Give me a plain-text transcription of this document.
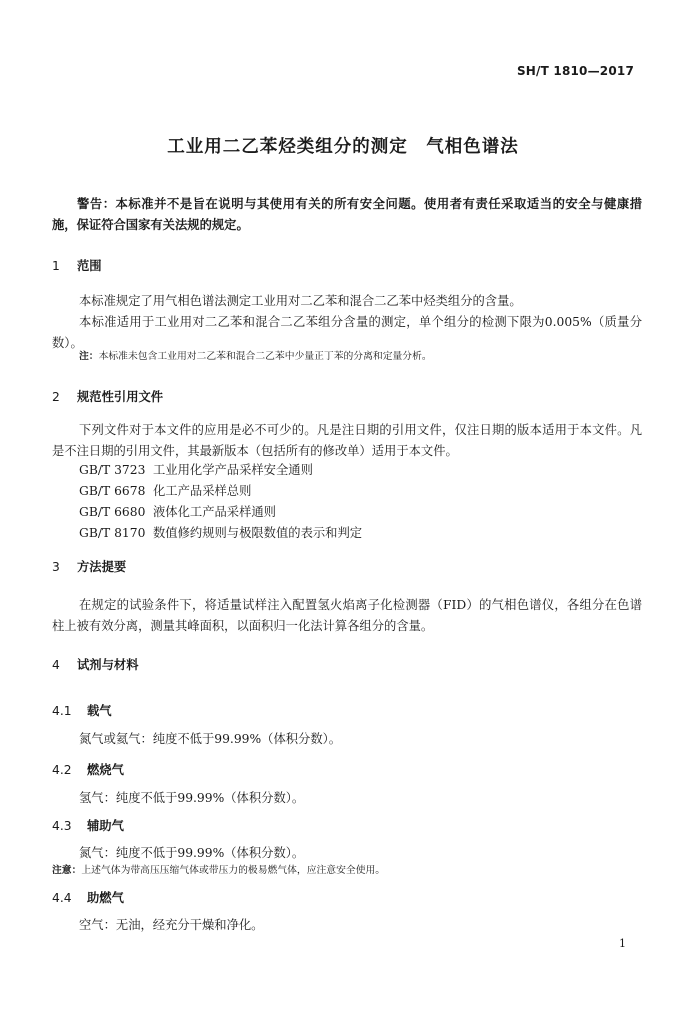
SH/T 1810—2017
工业用二乙苯烃类组分的测定　气相色谱法

警告：本标准并不是旨在说明与其使用有关的所有安全问题。使用者有责任采取适当的安全与健康措施，保证符合国家有关法规的规定。

1 范围

本标准规定了用气相色谱法测定工业用对二乙苯和混合二乙苯中烃类组分的含量。

本标准适用于工业用对二乙苯和混合二乙苯组分含量的测定，单个组分的检测下限为0.005%（质量分数）。

注：本标准未包含工业用对二乙苯和混合二乙苯中少量正丁苯的分离和定量分析。

2 规范性引用文件

下列文件对于本文件的应用是必不可少的。凡是注日期的引用文件，仅注日期的版本适用于本文件。凡是不注日期的引用文件，其最新版本（包括所有的修改单）适用于本文件。

GB/T 3723 工业用化学产品采样安全通则
GB/T 6678 化工产品采样总则
GB/T 6680 液体化工产品采样通则
GB/T 8170 数值修约规则与极限数值的表示和判定
3 方法提要

在规定的试验条件下，将适量试样注入配置氢火焰离子化检测器（FID）的气相色谱仪，各组分在色谱柱上被有效分离，测量其峰面积，以面积归一化法计算各组分的含量。

4 试剂与材料
4.1 载气

氮气或氦气：纯度不低于99.99%（体积分数）。

4.2 燃烧气

氢气：纯度不低于99.99%（体积分数）。

4.3 辅助气

氮气：纯度不低于99.99%（体积分数）。

注意：上述气体为带高压压缩气体或带压力的极易燃气体，应注意安全使用。

4.4 助燃气

空气：无油，经充分干燥和净化。

1
